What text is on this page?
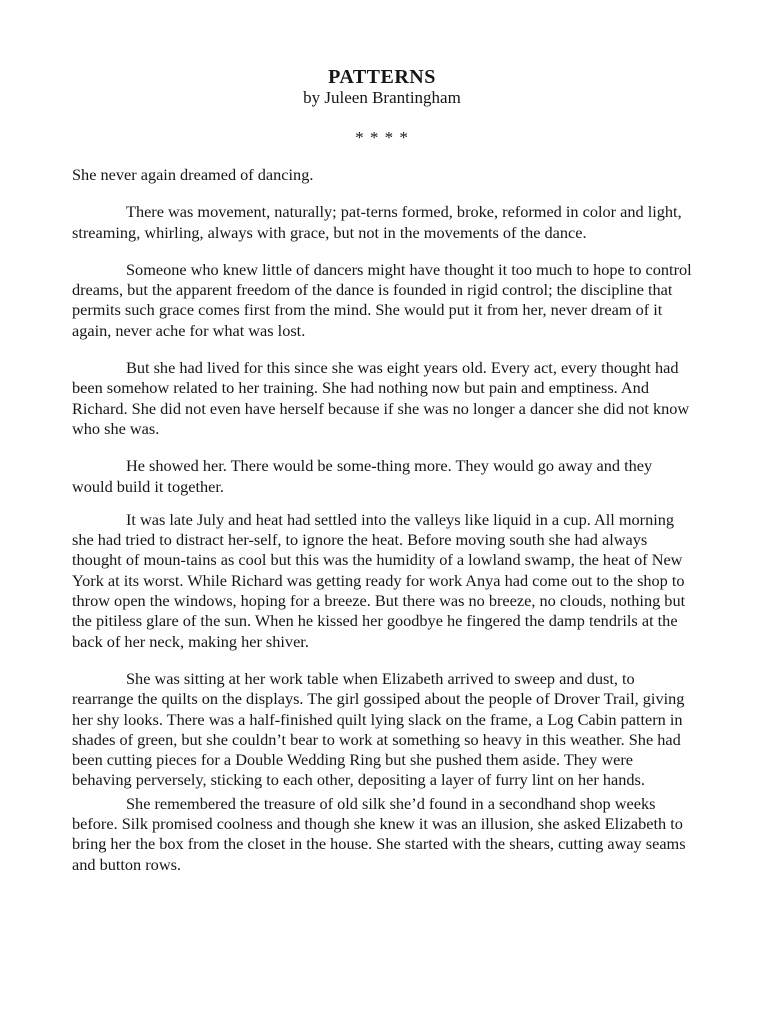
PATTERNS
by Juleen Brantingham
* * * *

She never again dreamed of dancing.

There was movement, naturally; pat-terns formed, broke, reformed in color and light, streaming, whirling, always with grace, but not in the movements of the dance.

Someone who knew little of dancers might have thought it too much to hope to control dreams, but the apparent freedom of the dance is founded in rigid control; the discipline that permits such grace comes first from the mind. She would put it from her, never dream of it again, never ache for what was lost.

But she had lived for this since she was eight years old. Every act, every thought had been somehow related to her training. She had nothing now but pain and emptiness. And Richard. She did not even have herself because if she was no longer a dancer she did not know who she was.

He showed her. There would be some-thing more. They would go away and they would build it together.

It was late July and heat had settled into the valleys like liquid in a cup. All morning she had tried to distract her-self, to ignore the heat. Before moving south she had always thought of moun-tains as cool but this was the humidity of a lowland swamp, the heat of New York at its worst. While Richard was getting ready for work Anya had come out to the shop to throw open the windows, hoping for a breeze. But there was no breeze, no clouds, nothing but the pitiless glare of the sun. When he kissed her goodbye he fingered the damp tendrils at the back of her neck, making her shiver.

She was sitting at her work table when Elizabeth arrived to sweep and dust, to rearrange the quilts on the displays. The girl gossiped about the people of Drover Trail, giving her shy looks. There was a half-finished quilt lying slack on the frame, a Log Cabin pattern in shades of green, but she couldn’t bear to work at something so heavy in this weather. She had been cutting pieces for a Double Wedding Ring but she pushed them aside. They were behaving perversely, sticking to each other, depositing a layer of furry lint on her hands.

She remembered the treasure of old silk she’d found in a secondhand shop weeks before. Silk promised coolness and though she knew it was an illusion, she asked Elizabeth to bring her the box from the closet in the house. She started with the shears, cutting away seams and button rows.
